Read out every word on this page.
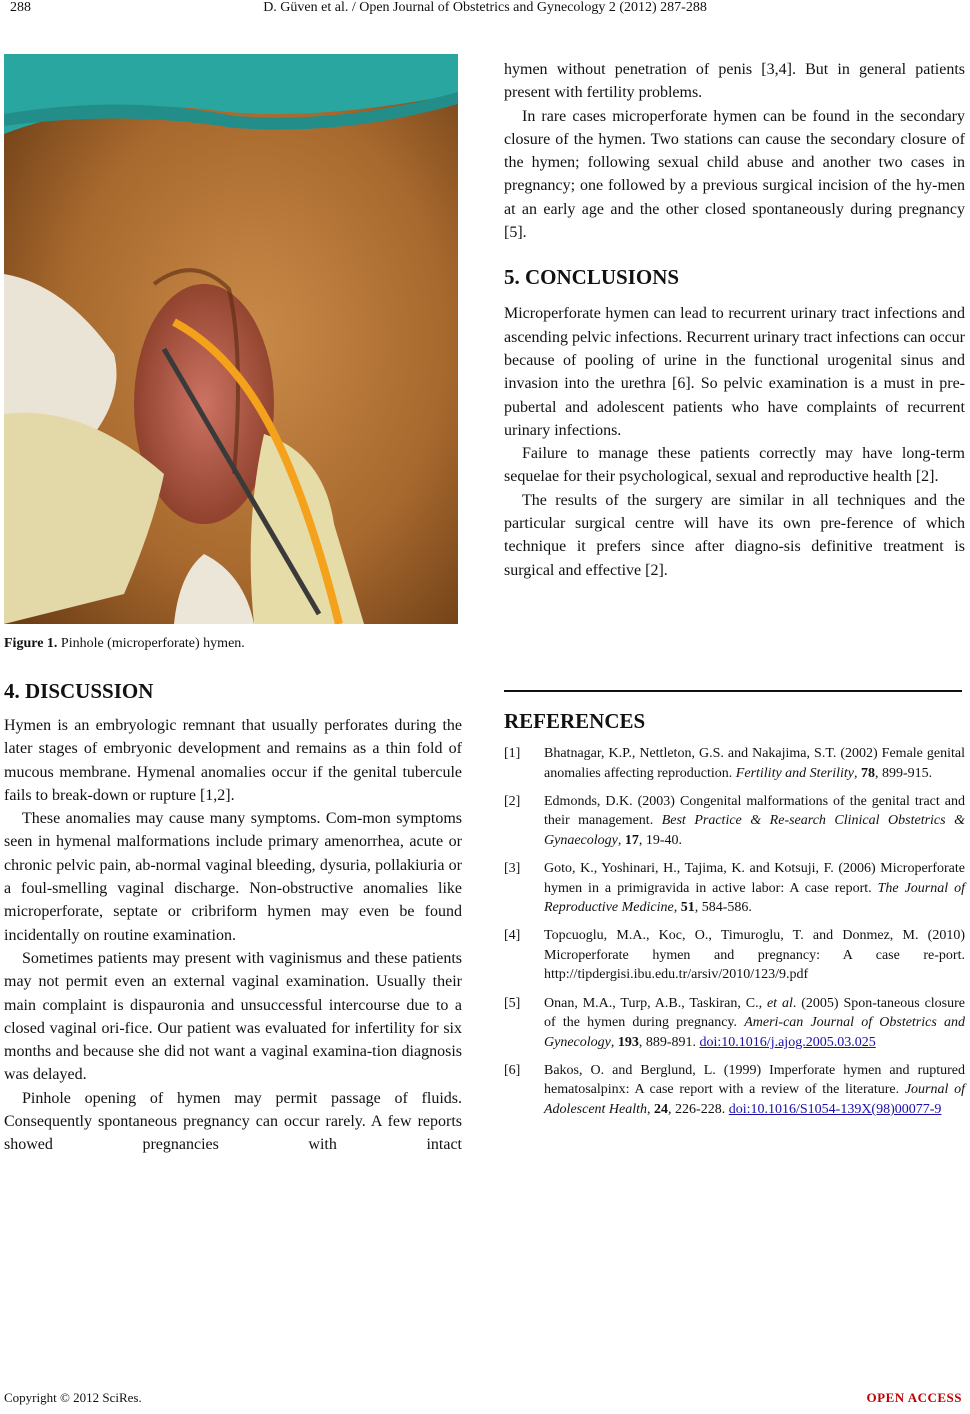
288	D. Güven et al. / Open Journal of Obstetrics and Gynecology 2 (2012) 287-288
Figure 1. Pinhole (microperforate) hymen.
4. DISCUSSION

Hymen is an embryologic remnant that usually perforates during the later stages of embryonic development and remains as a thin fold of mucous membrane. Hymenal anomalies occur if the genital tubercule fails to break-down or rupture [1,2].

These anomalies may cause many symptoms. Com-mon symptoms seen in hymenal malformations include primary amenorrhea, acute or chronic pelvic pain, ab-normal vaginal bleeding, dysuria, pollakiuria or a foul-smelling vaginal discharge. Non-obstructive anomalies like microperforate, septate or cribriform hymen may even be found incidentally on routine examination.

Sometimes patients may present with vaginismus and these patients may not permit even an external vaginal examination. Usually their main complaint is dispauronia and unsuccessful intercourse due to a closed vaginal ori-fice. Our patient was evaluated for infertility for six months and because she did not want a vaginal examina-tion diagnosis was delayed.

Pinhole opening of hymen may permit passage of fluids. Consequently spontaneous pregnancy can occur rarely. A few reports showed pregnancies with intact

hymen without penetration of penis [3,4]. But in general patients present with fertility problems.

In rare cases microperforate hymen can be found in the secondary closure of the hymen. Two stations can cause the secondary closure of the hymen; following sexual child abuse and another two cases in pregnancy; one followed by a previous surgical incision of the hy-men at an early age and the other closed spontaneously during pregnancy [5].

5. CONCLUSIONS

Microperforate hymen can lead to recurrent urinary tract infections and ascending pelvic infections. Recurrent urinary tract infections can occur because of pooling of urine in the functional urogenital sinus and invasion into the urethra [6]. So pelvic examination is a must in pre-pubertal and adolescent patients who have complaints of recurrent urinary infections.

Failure to manage these patients correctly may have long-term sequelae for their psychological, sexual and reproductive health [2].

The results of the surgery are similar in all techniques and the particular surgical centre will have its own pre-ference of which technique it prefers since after diagno-sis definitive treatment is surgical and effective [2].

REFERENCES
[1] Bhatnagar, K.P., Nettleton, G.S. and Nakajima, S.T. (2002) Female genital anomalies affecting reproduction. Fertility and Sterility, 78, 899-915.
[2] Edmonds, D.K. (2003) Congenital malformations of the genital tract and their management. Best Practice & Re-search Clinical Obstetrics & Gynaecology, 17, 19-40.
[3] Goto, K., Yoshinari, H., Tajima, K. and Kotsuji, F. (2006) Microperforate hymen in a primigravida in active labor: A case report. The Journal of Reproductive Medicine, 51, 584-586.
[4] Topcuoglu, M.A., Koc, O., Timuroglu, T. and Donmez, M. (2010) Microperforate hymen and pregnancy: A case re-port. http://tipdergisi.ibu.edu.tr/arsiv/2010/123/9.pdf
[5] Onan, M.A., Turp, A.B., Taskiran, C., et al. (2005) Spon-taneous closure of the hymen during pregnancy. Ameri-can Journal of Obstetrics and Gynecology, 193, 889-891. doi:10.1016/j.ajog.2005.03.025
[6] Bakos, O. and Berglund, L. (1999) Imperforate hymen and ruptured hematosalpinx: A case report with a review of the literature. Journal of Adolescent Health, 24, 226-228. doi:10.1016/S1054-139X(98)00077-9
Copyright © 2012 SciRes.	OPEN ACCESS
